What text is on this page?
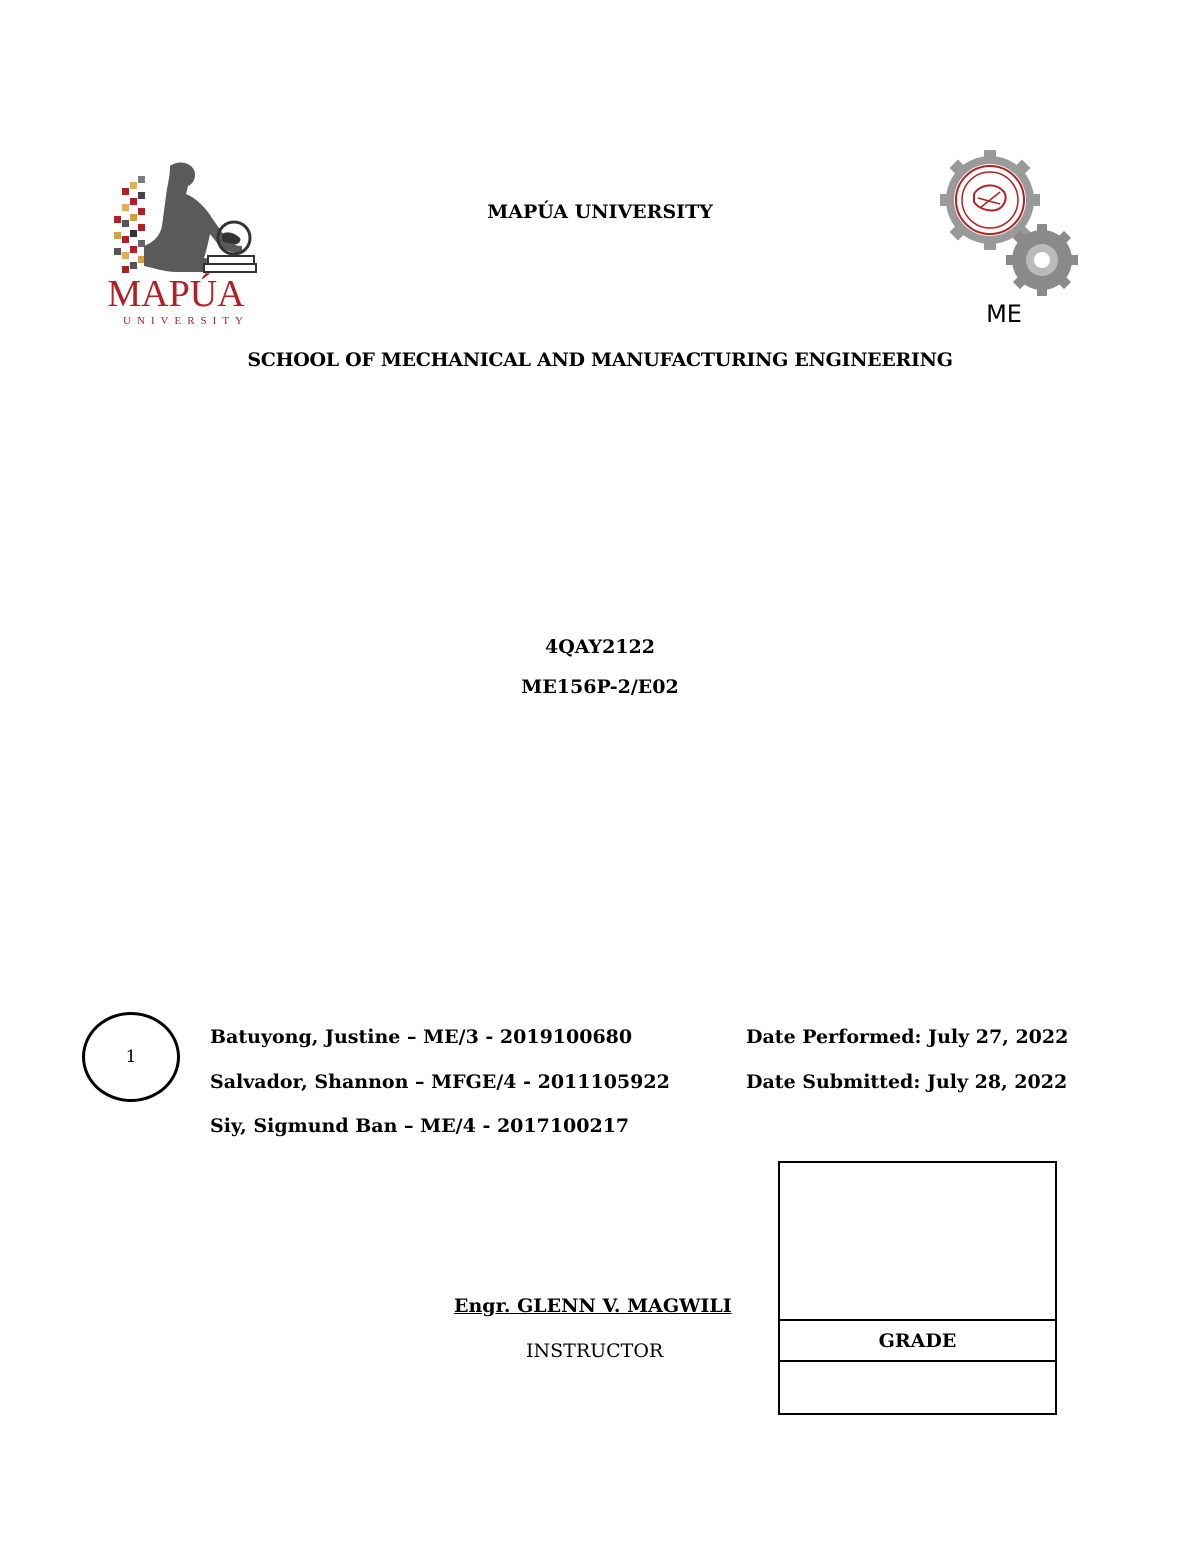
MAPÚA
UNIVERSITY	ME
MAPÚA UNIVERSITY
SCHOOL OF MECHANICAL AND MANUFACTURING ENGINEERING
4QAY2122
ME156P-2/E02
1
Batuyong, Justine – ME/3 - 2019100680
Salvador, Shannon – MFGE/4 - 2011105922
Siy, Sigmund Ban – ME/4 - 2017100217
Date Performed: July 27, 2022
Date Submitted: July 28, 2022
Engr. GLENN V. MAGWILI
INSTRUCTOR	GRADE
